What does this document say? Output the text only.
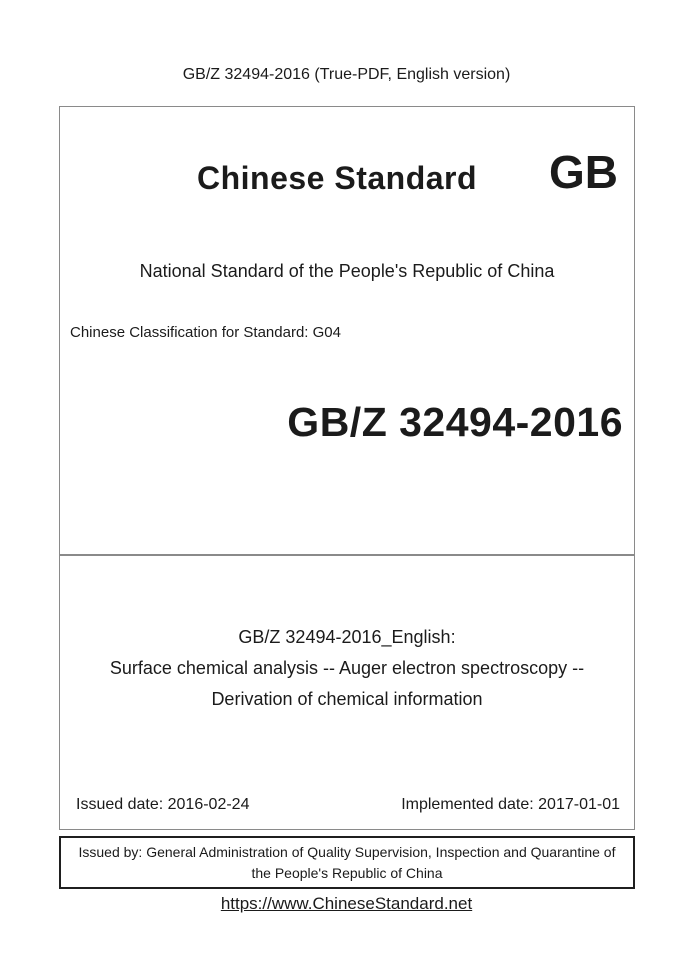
GB/Z 32494-2016 (True-PDF, English version)
Chinese Standard	GB
National Standard of the People's Republic of China
Chinese Classification for Standard: G04
GB/Z 32494-2016
GB/Z 32494-2016_English:
Surface chemical analysis -- Auger electron spectroscopy --
Derivation of chemical information
Issued date: 2016-02-24	Implemented date: 2017-01-01
Issued by: General Administration of Quality Supervision, Inspection and Quarantine of
the People's Republic of China
https://www.ChineseStandard.net
